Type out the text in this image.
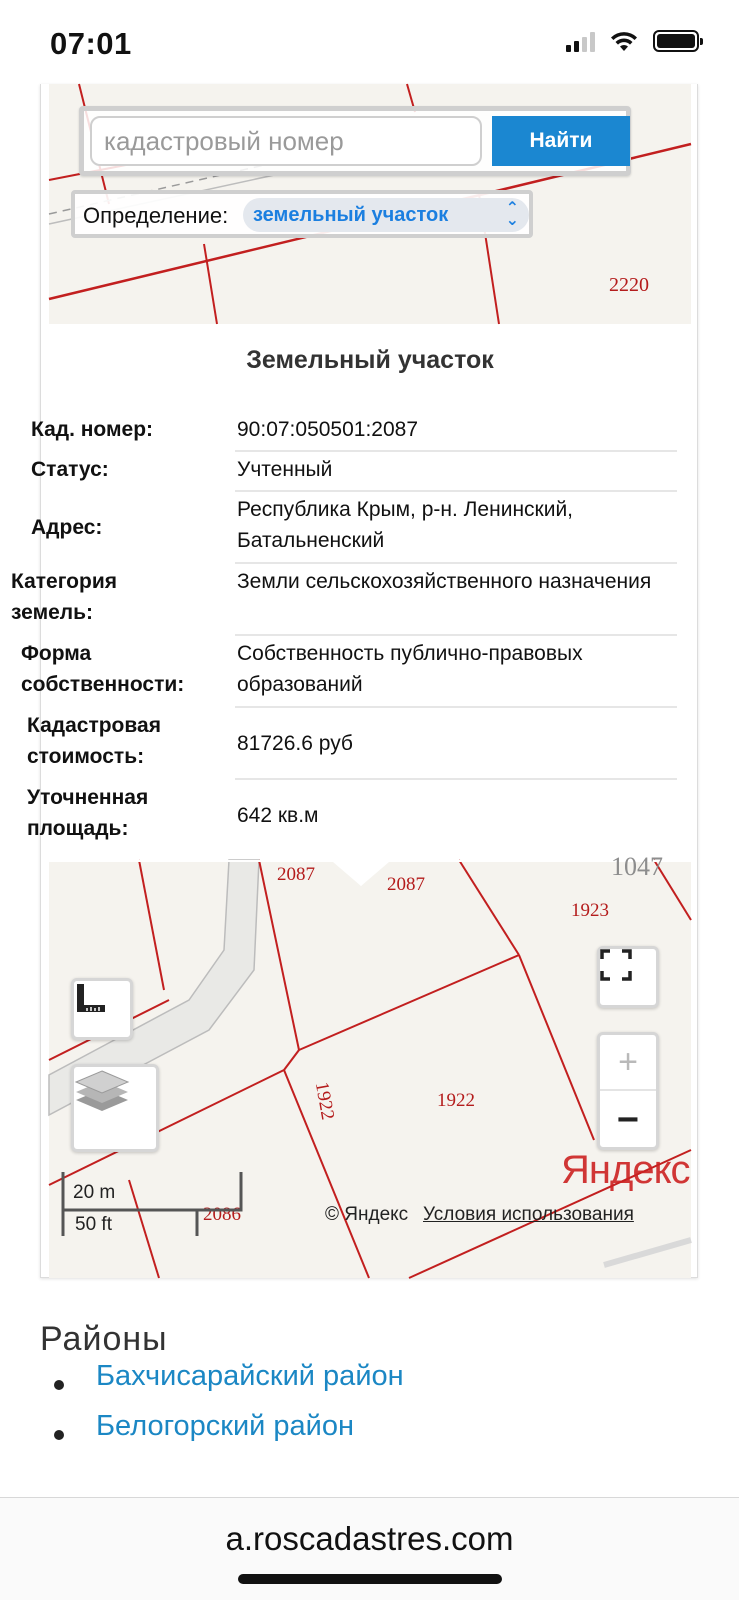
07:01
2220
кадастровый номер
Найти
Определение: земельный участок	⌃
⌄
Земельный участок
Кад. номер:	90:07:050501:2087
Статус:	Учтенный
Адрес:
Республика Крым, р-н. Ленинский, Батальненский
Категория земель:
Земли сельскохозяйственного назначения
Форма собственности:
Собственность публично-правовых образований
Кадастровая стоимость:
81726.6 руб
Уточненная площадь:
642 кв.м
2087	2087
1047
1923
1922	1922
2086
+
−
20 m
50 ft
Яндекс
© Яндекс Условия использования
Районы
Бахчисарайский район
Белогорский район
a.roscadastres.com
